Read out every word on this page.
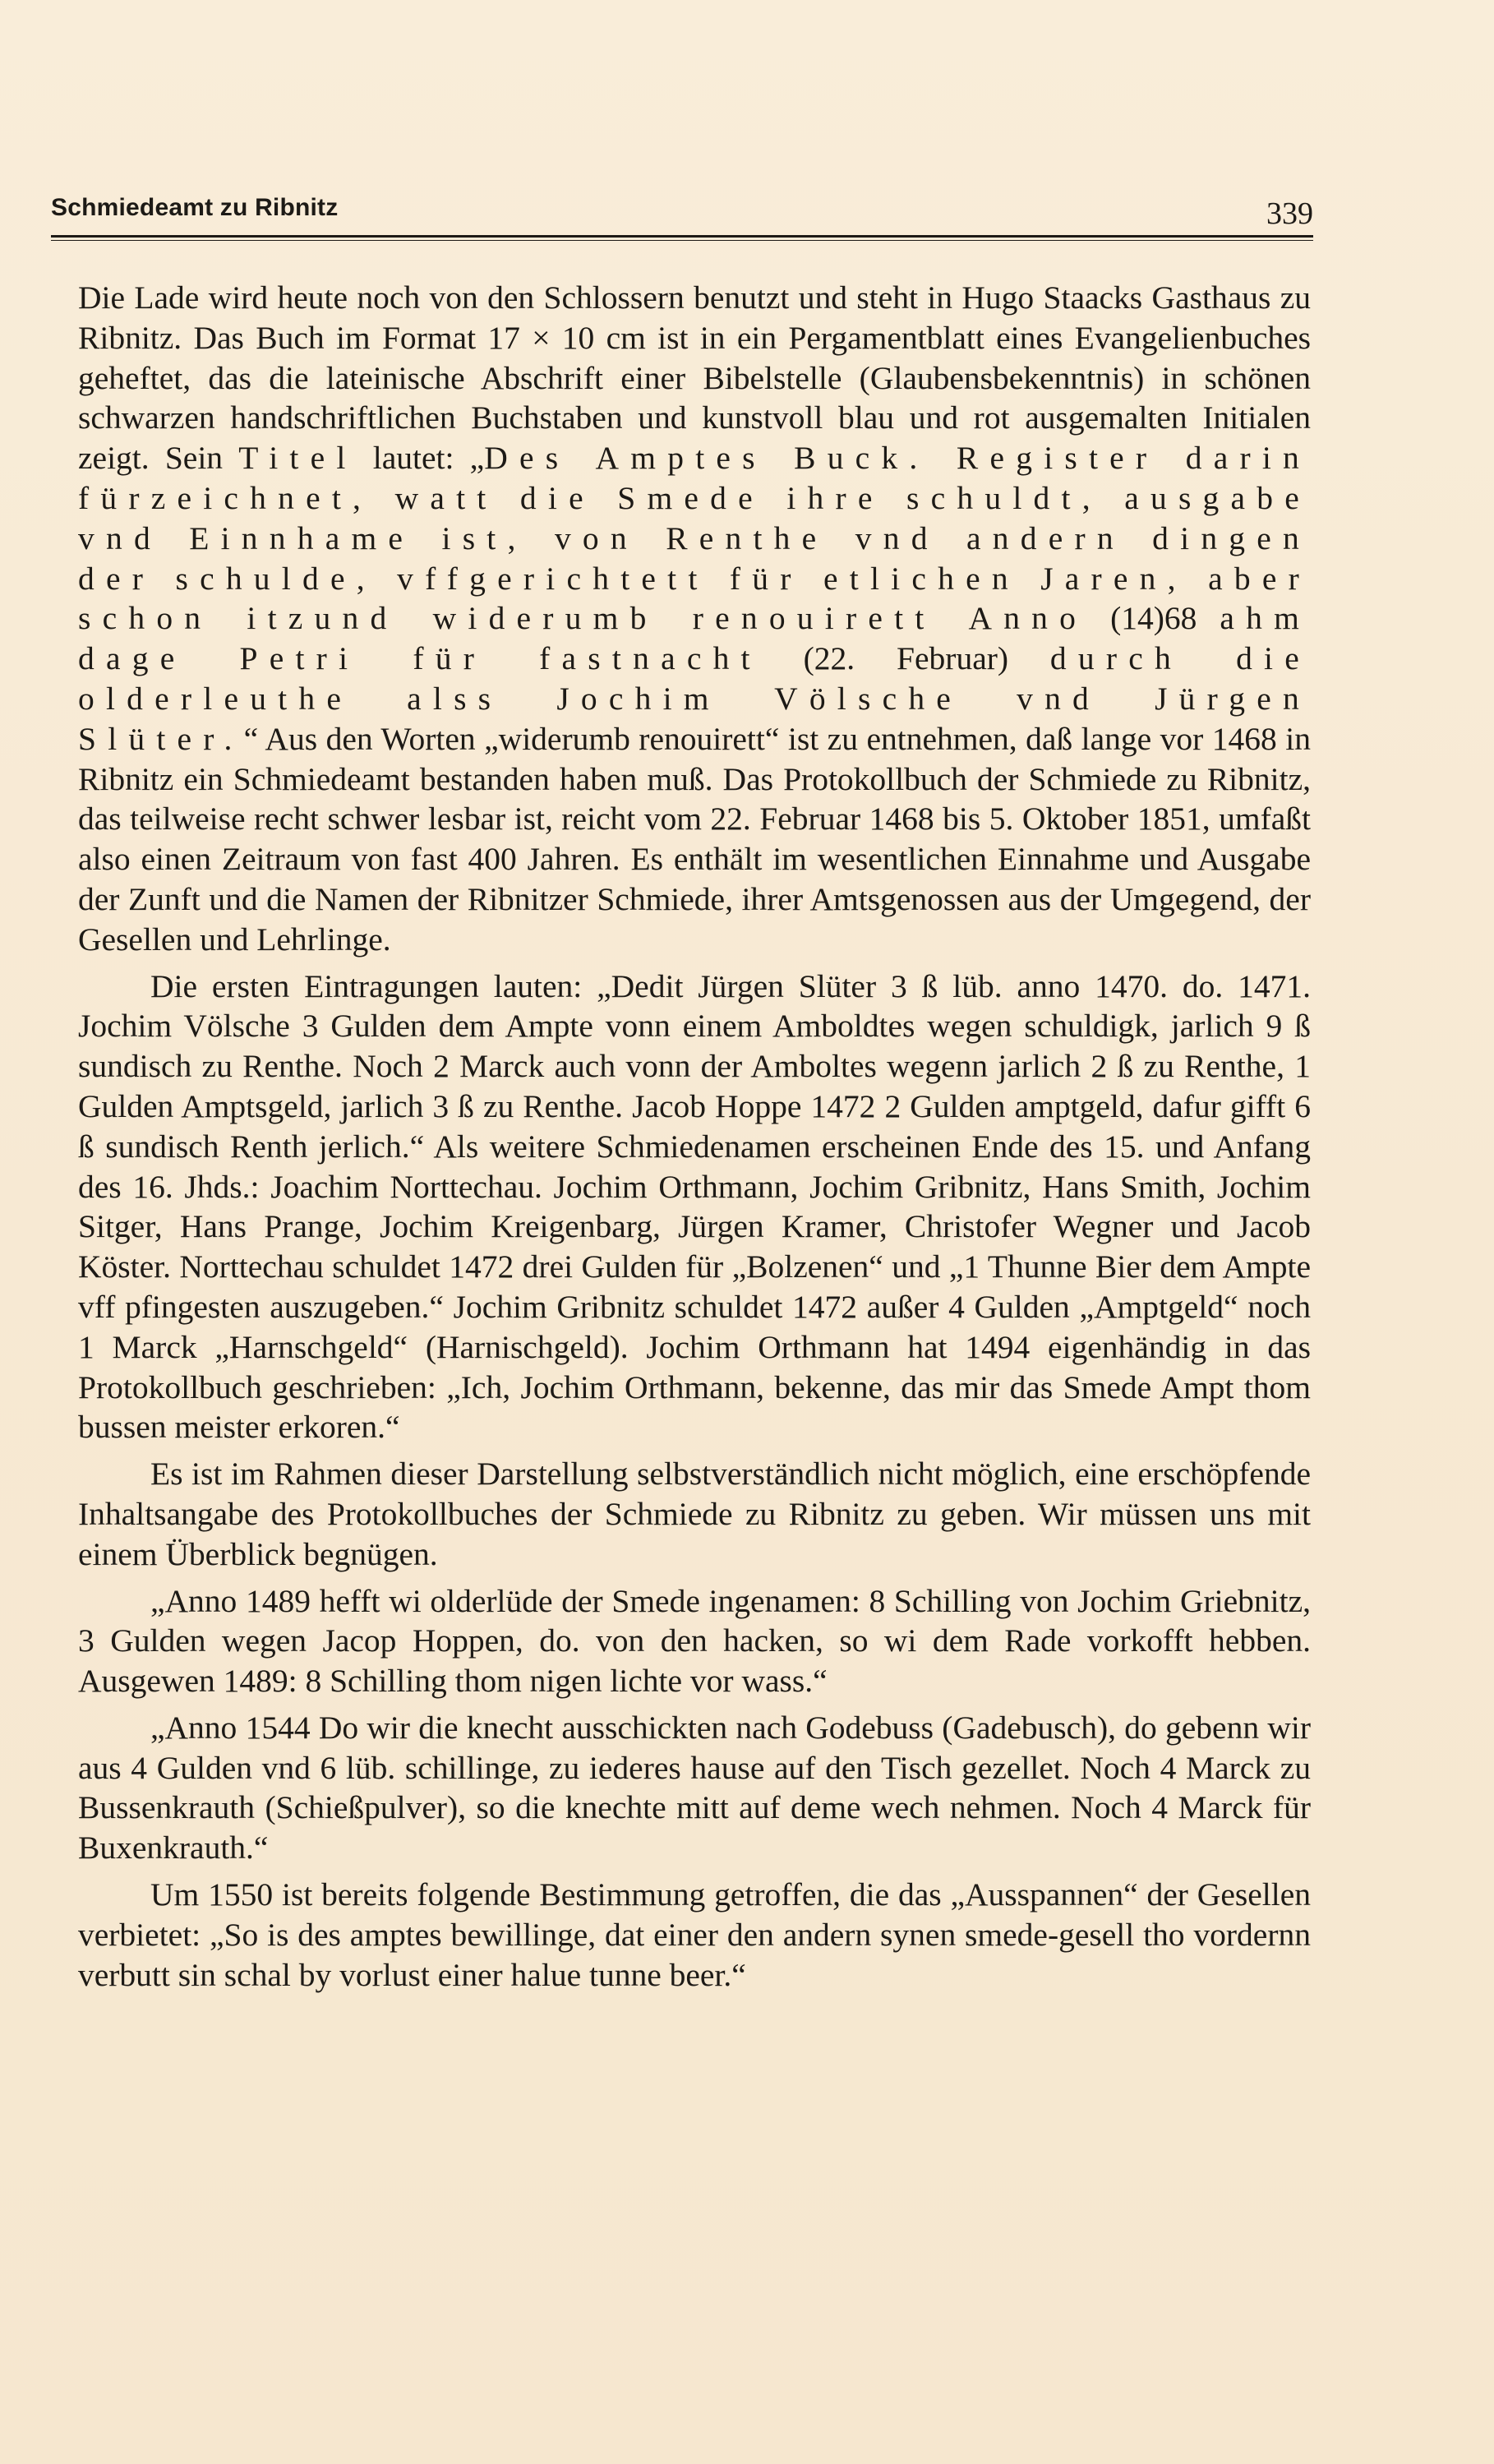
Schmiedeamt zu Ribnitz	339

Die Lade wird heute noch von den Schlossern benutzt und steht in Hugo Staacks Gasthaus zu Ribnitz. Das Buch im Format 17 × 10 cm ist in ein Pergamentblatt eines Evangelienbuches geheftet, das die lateinische Abschrift einer Bibelstelle (Glaubensbekenntnis) in schönen schwarzen handschriftlichen Buchstaben und kunstvoll blau und rot ausgemalten Initialen zeigt. Sein Titel lautet: „Des Amptes Buck. Register darin fürzeichnet, watt die Smede ihre schuldt, ausgabe vnd Einnhame ist, von Renthe vnd andern dingen der schulde, vffgerichtett für etlichen Jaren, aber schon itzund widerumb renouirett Anno (14)68 ahm dage Petri für fastnacht (22. Februar) durch die olderleuthe alss Jochim Völsche vnd Jürgen Slüter.“ Aus den Worten „widerumb renouirett“ ist zu entnehmen, daß lange vor 1468 in Ribnitz ein Schmiedeamt bestanden haben muß. Das Protokollbuch der Schmiede zu Ribnitz, das teilweise recht schwer lesbar ist, reicht vom 22. Februar 1468 bis 5. Oktober 1851, umfaßt also einen Zeitraum von fast 400 Jahren. Es enthält im wesentlichen Einnahme und Ausgabe der Zunft und die Namen der Ribnitzer Schmiede, ihrer Amtsgenossen aus der Umgegend, der Gesellen und Lehrlinge.

Die ersten Eintragungen lauten: „Dedit Jürgen Slüter 3 ß lüb. anno 1470. do. 1471. Jochim Völsche 3 Gulden dem Ampte vonn einem Amboldtes wegen schuldigk, jarlich 9 ß sundisch zu Renthe. Noch 2 Marck auch vonn der Amboltes wegenn jarlich 2 ß zu Renthe, 1 Gulden Amptsgeld, jarlich 3 ß zu Renthe. Jacob Hoppe 1472 2 Gulden amptgeld, dafur gifft 6 ß sundisch Renth jerlich.“ Als weitere Schmiedenamen erscheinen Ende des 15. und Anfang des 16. Jhds.: Joachim Norttechau. Jochim Orthmann, Jochim Gribnitz, Hans Smith, Jochim Sitger, Hans Prange, Jochim Kreigenbarg, Jürgen Kramer, Christofer Wegner und Jacob Köster. Norttechau schuldet 1472 drei Gulden für „Bolzenen“ und „1 Thunne Bier dem Ampte vff pfingesten auszugeben.“ Jochim Gribnitz schuldet 1472 außer 4 Gulden „Amptgeld“ noch 1 Marck „Harnschgeld“ (Harnischgeld). Jochim Orthmann hat 1494 eigenhändig in das Protokollbuch geschrieben: „Ich, Jochim Orthmann, bekenne, das mir das Smede Ampt thom bussen meister erkoren.“

Es ist im Rahmen dieser Darstellung selbstverständlich nicht möglich, eine erschöpfende Inhaltsangabe des Protokollbuches der Schmiede zu Ribnitz zu geben. Wir müssen uns mit einem Überblick begnügen.

„Anno 1489 hefft wi olderlüde der Smede ingenamen: 8 Schilling von Jochim Griebnitz, 3 Gulden wegen Jacop Hoppen, do. von den hacken, so wi dem Rade vorkofft hebben. Ausgewen 1489: 8 Schilling thom nigen lichte vor wass.“

„Anno 1544 Do wir die knecht ausschickten nach Godebuss (Gadebusch), do gebenn wir aus 4 Gulden vnd 6 lüb. schillinge, zu iederes hause auf den Tisch gezellet. Noch 4 Marck zu Bussenkrauth (Schießpulver), so die knechte mitt auf deme wech nehmen. Noch 4 Marck für Buxenkrauth.“

Um 1550 ist bereits folgende Bestimmung getroffen, die das „Ausspannen“ der Gesellen verbietet: „So is des amptes bewillinge, dat einer den andern synen smede-gesell tho vordernn verbutt sin schal by vorlust einer halue tunne beer.“
